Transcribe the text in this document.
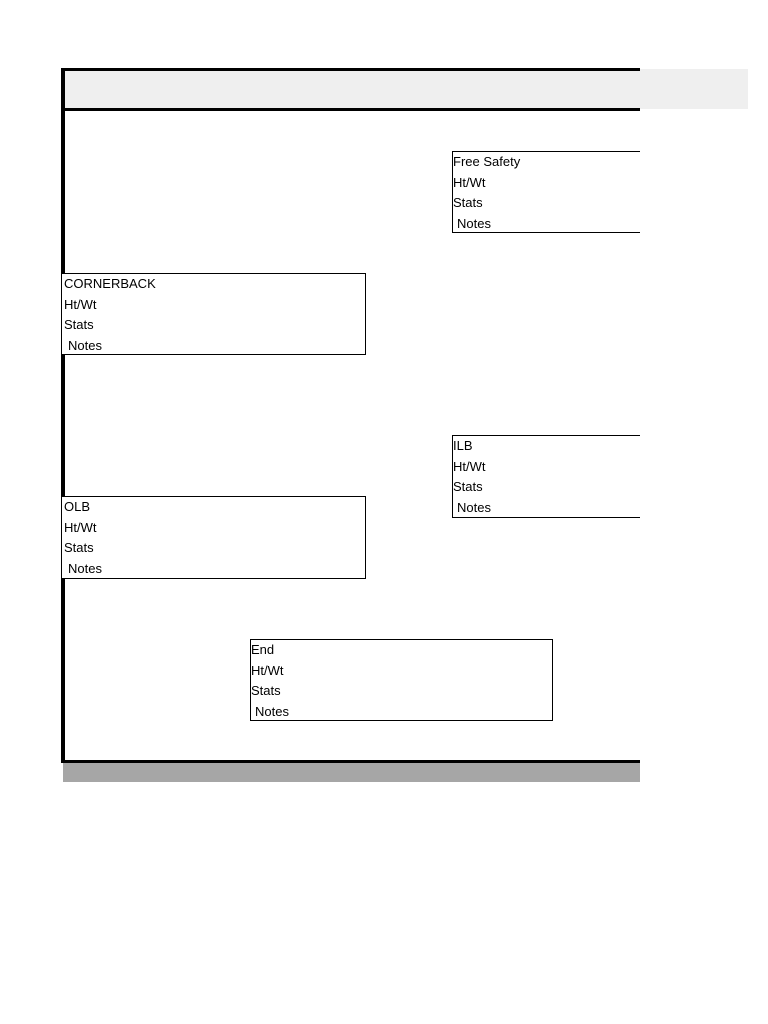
Free Safety
Ht/Wt
Stats
Notes
CORNERBACK
Ht/Wt
Stats
Notes
ILB
Ht/Wt
Stats
Notes
OLB
Ht/Wt
Stats
Notes
End
Ht/Wt
Stats
Notes
